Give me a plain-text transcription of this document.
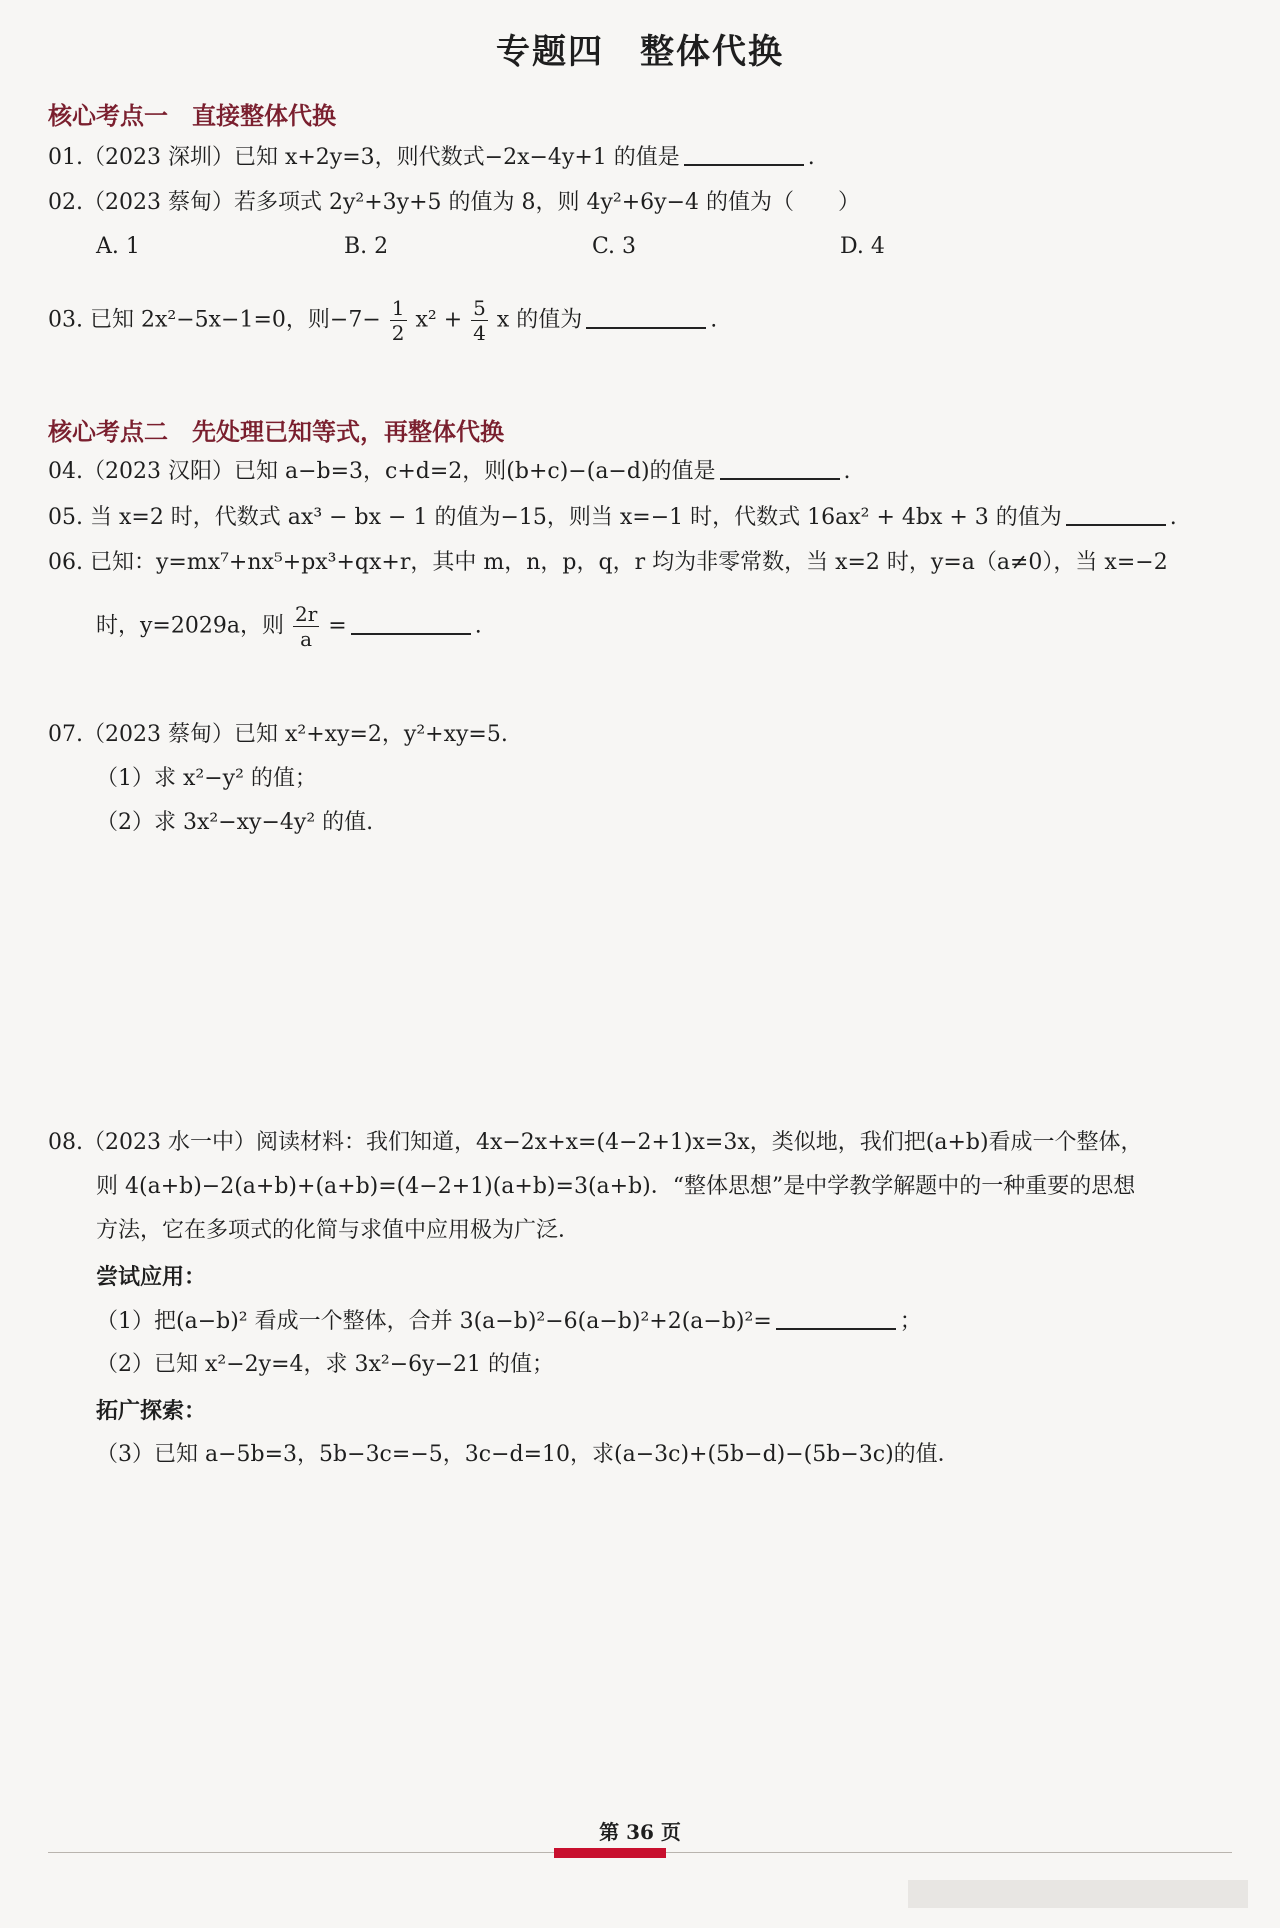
专题四　整体代换
核心考点一　直接整体代换
01.（2023 深圳）已知 x+2y=3，则代数式−2x−4y+1 的值是	.
02.（2023 蔡甸）若多项式 2y²+3y+5 的值为 8，则 4y²+6y−4 的值为（　　）
A. 1	B. 2	C. 3	D. 4
03. 已知 2x²−5x−1=0，则$-7- \frac{1}{2} x^2 + \frac{5}{4}$ x 的值为	.
核心考点二　先处理已知等式，再整体代换
04.（2023 汉阳）已知 a−b=3，c+d=2，则(b+c)−(a−d)的值是	.
05. 当 x=2 时，代数式 ax³ − bx − 1 的值为−15，则当 x=−1 时，代数式 16ax² + 4bx + 3 的值为	.
06. 已知：y=mx⁷+nx⁵+px³+qx+r，其中 m，n，p，q，r 均为非零常数，当 x=2 时，y=a（a≠0），当 x=−2
时，y=2029a，则 $\frac{2r}{a}$ =	.
07.（2023 蔡甸）已知 x²+xy=2，y²+xy=5.
（1）求 x²−y² 的值；
（2）求 3x²−xy−4y² 的值.
08.（2023 水一中）阅读材料：我们知道，4x−2x+x=(4−2+1)x=3x，类似地，我们把(a+b)看成一个整体，
则 4(a+b)−2(a+b)+(a+b)=(4−2+1)(a+b)=3(a+b)．“整体思想”是中学教学解题中的一种重要的思想
方法，它在多项式的化简与求值中应用极为广泛．
尝试应用：
（1）把(a−b)² 看成一个整体，合并 3(a−b)²−6(a−b)²+2(a−b)²=	；
（2）已知 x²−2y=4，求 3x²−6y−21 的值；
拓广探索：
（3）已知 a−5b=3，5b−3c=−5，3c−d=10，求(a−3c)+(5b−d)−(5b−3c)的值．
第 36 页
